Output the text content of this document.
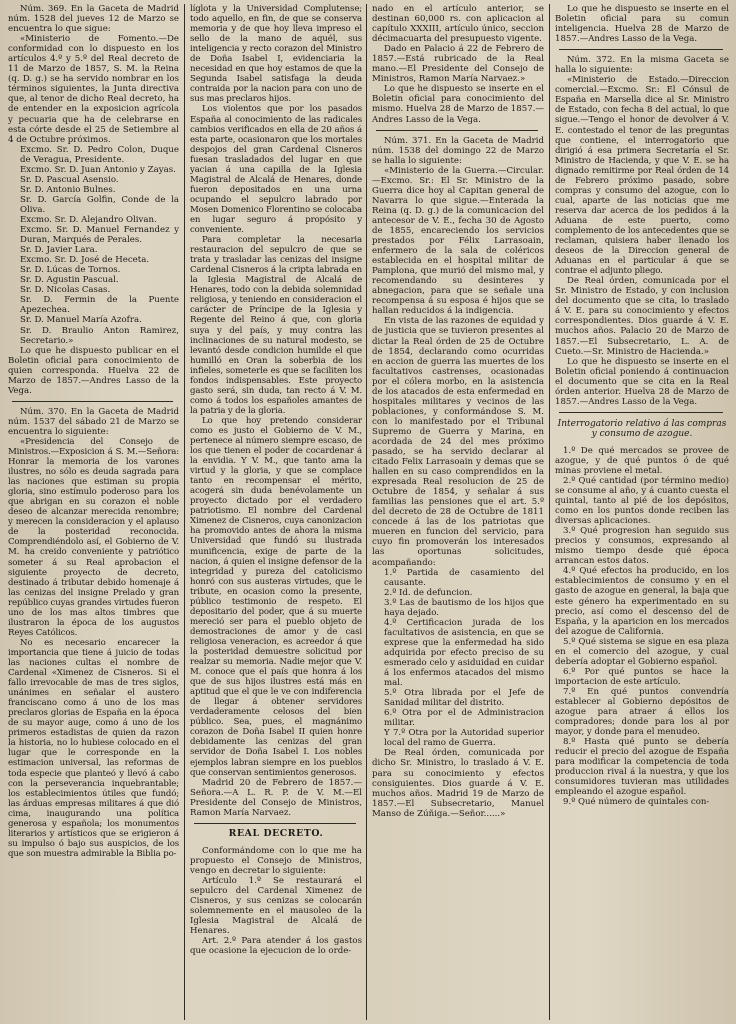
Núm. 369. En la Gaceta de Madrid núm. 1528 del jueves 12 de Marzo se encuentra lo que sigue:

«Ministerio de Fomento.—De conformidad con lo dispuesto en los artículos 4.º y 5.º del Real decreto de 11 de Marzo de 1857, S. M. la Reina (q. D. g.) se ha servido nombrar en los términos siguientes, la Junta directiva que, al tenor de dicho Real decreto, ha de entender en la exposicion agrícola y pecuaria que ha de celebrarse en esta córte desde el 25 de Setiembre al 4 de Octubre próximos.

Excmo. Sr. D. Pedro Colon, Duque de Veragua, Presidente.

Excmo. Sr. D. Juan Antonio y Zayas.

Sr. D. Pascual Asensio.

Sr. D. Antonio Bulnes.

Sr. D. García Golfin, Conde de la Oliva.

Excmo. Sr. D. Alejandro Olivan.

Excmo. Sr. D. Manuel Fernandez y Duran, Marqués de Perales.

Sr. D. Javier Lara.

Excmo. Sr. D. José de Heceta.

Sr. D. Lúcas de Tornos.

Sr. D. Agustin Pascual.

Sr. D. Nicolas Casas.

Sr. D. Fermin de la Puente Apezechea.

Sr. D. Manuel María Azofra.

Sr. D. Braulio Anton Ramirez, Secretario.»

Lo que he dispuesto publicar en el Boletin oficial para conocimiento de quien corresponda. Huelva 22 de Marzo de 1857.—Andres Lasso de la Vega.

Núm. 370. En la Gaceta de Madrid núm. 1537 del sábado 21 de Marzo se encuentra lo siguiente:

«Presidencia del Consejo de Ministros.—Exposicion á S. M.—Señora: Honrar la memoria de los varones ilustres, no sólo es deuda sagrada para las naciones que estiman su propia gloria, sino estímulo poderoso para los que abrigan en su corazon el noble deseo de alcanzar merecida renombre; y merecen la consideracion y el aplauso de la posteridad reconocida. Comprendiéndolo así, el Gobierno de V. M. ha creido conveniente y patriótico someter á su Real aprobacion el siguiente proyecto de decreto, destinado á tributar debido homenaje á las cenizas del insigne Prelado y gran repúblico cuyas grandes virtudes fueron uno de los mas altos timbres que ilustraron la época de los augustos Reyes Católicos.

No es necesario encarecer la importancia que tiene á juicio de todas las naciones cultas el nombre de Cardenal «Ximenez de Cisneros. Si el fallo irrevocable de mas de tres siglos, unánimes en señalar el austero franciscano como á uno de los mas preclaros glorias de España en la época de su mayor auge, como á uno de los primeros estadistas de quien da razon la historia, no lo hubiese colocado en el lugar que le corresponde en la estimacion universal, las reformas de toda especie que planteó y llevó á cabo con la perseverancia inquebrantable; los establecimientos útiles que fundó; las árduas empresas militares á que dió cima, inaugurando una política generosa y española; los monumentos literarios y artísticos que se erigieron á su impulso ó bajo sus auspicios, de los que son muestra admirable la Biblia po-

líglota y la Universidad Complutense; todo aquello, en fin, de que se conserva memoria y de que hoy lleva impreso el sello de la mano de aquél, sus inteligencia y recto corazon del Ministro de Doña Isabel I, evidenciaria la necesidad en que hoy estamos de que la Segunda Isabel satisfaga la deuda contraida por la nacion para con uno de sus mas preclaros hijos.

Los violentos que por los pasados España al conocimiento de las radicales cambios verificados en ella de 20 años á esta parte, ocasionaron que los mortales despojos del gran Cardenal Cisneros fuesan trasladados del lugar en que yacian á una capilla de la Iglesia Magistral de Alcalá de Henares, donde fueron depositados en una urna ocupando el sepulcro labrado por Mosen Domenico Florentino se colocaba en lugar seguro á propósito y conveniente.

Para completar la necesaria restauracion del sepulcro de que se trata y trasladar las cenizas del insigne Cardenal Cisneros á la cripta labrada en la Iglesia Magistral de Alcalá de Henares, todo con la debida solemnidad religiosa, y teniendo en consideracion el carácter de Príncipe de la Iglesia y Regente del Reino á que, con gloria suya y del país, y muy contra las inclinaciones de su natural modesto, se levantó desde condicion humilde el que humilló en Oran la soberbia de los infieles, someterle es que se faciliten los fondos indispensables. Este proyecto gasto será, sin duda, tan recto á V. M. como á todos los españoles amantes de la patria y de la gloria.

Lo que hoy pretendo considerar como es justo el Gobierno de V. M., pertenece al número siempre escaso, de los que tienen el poder de cocardenar á la envidia. Y V. M., que tanto ama la virtud y la gloria, y que se complace tanto en recompensar el mérito, acogerá sin duda benévolamente un proyecto dictado por el verdadero patriotismo. El nombre del Cardenal Ximenez de Cisneros, cuya canonizacion ha promovido antes de ahora la misma Universidad que fundó su ilustrada munificencia, exige de parte de la nacion, á quien el insigne defensor de la integridad y pureza del catolicismo honró con sus austeras virtudes, que le tribute, en ocasion como la presente, público testimonio de respeto. El depositario del poder, que á su muerte mereció ser para el pueblo objeto de demostraciones de amor y de casi religiosa veneracion, es acreedor á que la posteridad demuestre solicitud por realzar su memoria. Nadie mejor que V. M. conoce que el país que honra á los que de sus hijos ilustres está más en aptitud que el que le ve con indiferencia de llegar á obtener servidores verdaderamente celosos del bien público. Sea, pues, el magnánimo corazon de Doña Isabel II quien honre debidamente las cenizas del gran servidor de Doña Isabel I. Los nobles ejemplos labran siempre en los pueblos que conservan sentimientos generosos.

Madrid 20 de Febrero de 1857.—Señora.—A L. R. P. de V. M.—El Presidente del Consejo de Ministros, Ramon María Narvaez.

REAL DECRETO.

Conformándome con lo que me ha propuesto el Consejo de Ministros, vengo en decretar lo siguiente:

Artículo 1.º Se restaurará el sepulcro del Cardenal Ximenez de Cisneros, y sus cenizas se colocarán solemnemente en el mausoleo de la Iglesia Magistral de Alcalá de Henares.

Art. 2.º Para atender á los gastos que ocasione la ejecucion de lo orde-

nado en el artículo anterior, se destinan 60,000 rs. con aplicacion al capítulo XXXIII, artículo único, seccion décimacuarta del presupuesto vigente.

Dado en Palacio á 22 de Febrero de 1857.—Está rubricado de la Real mano.—El Presidente del Consejo de Ministros, Ramon María Narvaez.»

Lo que he dispuesto se inserte en el Boletin oficial para conocimiento del mismo. Huelva 28 de Marzo de 1857.—Andres Lasso de la Vega.

Núm. 371. En la Gaceta de Madrid núm. 1538 del domingo 22 de Marzo se halla lo siguiente:

«Ministerio de la Guerra.—Circular.—Excmo. Sr.: El Sr. Ministro de la Guerra dice hoy al Capitan general de Navarra lo que sigue.—Enterada la Reina (q. D. g.) de la comunicacion del antecesor de V. E., fecha 30 de Agosto de 1855, encareciendo los servicios prestados por Félix Larrasoain, enfermero de la sala de coléricos establecida en el hospital militar de Pamplona, que murió del mismo mal, y recomendando su desinteres y abnegacion, para que se señale una recompensa á su esposa é hijos que se hallan reducidos á la indigencia.

En vista de las razones de equidad y de justicia que se tuvieron presentes al dictar la Real órden de 25 de Octubre de 1854, declarando como ocurridas en accion de guerra las muertes de los facultativos castrenses, ocasionadas por el cólera morbo, en la asistencia de los atacados de esta enfermedad en hospitales militares y vecinos de las poblaciones, y conformándose S. M. con lo manifestado por el Tribunal Supremo de Guerra y Marina, en acordada de 24 del mes próximo pasado, se ha servido declarar al citado Felix Larrasoain y demas que se hallen en su caso comprendidos en la expresada Real resolucion de 25 de Octubre de 1854, y señalar á sus familias las pensiones que el art. 5.º del decreto de 28 de Octubre de 1811 concede á las de los patriotas que mueren en funcion del servicio, para cuyo fin promoverán los interesados las oportunas solicitudes, acompañando:

1.º Partida de casamiento del causante.

2.º Id. de defuncion.

3.º Las de bautismo de los hijos que haya dejado.

4.º Certificacion jurada de los facultativos de asistencia, en que se exprese que la enfermedad ha sido adquirida por efecto preciso de su esmerado celo y asiduidad en cuidar á los enfermos atacados del mismo mal.

5.º Otra librada por el Jefe de Sanidad militar del distrito.

6.º Otra por el de Administracion militar.

Y 7.º Otra por la Autoridad superior local del ramo de Guerra.

De Real órden, comunicada por dicho Sr. Ministro, lo traslado á V. E. para su conocimiento y efectos consiguientes. Dios guarde á V. E. muchos años. Madrid 19 de Marzo de 1857.—El Subsecretario, Manuel Manso de Zúñiga.—Señor......»

Lo que he dispuesto se inserte en el Boletin oficial para su comun inteligencia. Huelva 28 de Marzo de 1857.—Andres Lasso de la Vega.

Núm. 372. En la misma Gaceta se halla lo siguiente:

«Ministerio de Estado.—Direccion comercial.—Excmo. Sr.: El Cónsul de España en Marsella dice al Sr. Ministro de Estado, con fecha 8 del actual, lo que sigue.—Tengo el honor de devolver á V. E. contestado el tenor de las preguntas que contiene, el interrogatorio que dirigió á esa primera Secretaría el Sr. Ministro de Hacienda, y que V. E. se ha dignado remitirme por Real órden de 14 de Febrero próximo pasado, sobre compras y consumo del azogue, con lo cual, aparte de las noticias que me reserva dar acerca de los pedidos á la Aduana de este puerto, como complemento de los antecedentes que se reclaman, quisiera haber llenado los deseos de la Direccion general de Aduanas en el particular á que se contrae el adjunto pliego.

De Real órden, comunicada por el Sr. Ministro de Estado, y con inclusion del documento que se cita, lo traslado á V. E. para su conocimiento y efectos correspondientes. Dios guarde á V. E. muchos años. Palacio 20 de Marzo de 1857.—El Subsecretario, L. A. de Cueto.—Sr. Ministro de Hacienda.»

Lo que he dispuesto se inserte en el Boletin oficial poniendo á continuacion el documento que se cita en la Real órden anterior. Huelva 28 de Marzo de 1857.—Andres Lasso de la Vega.

Interrogatorio relativo á las compras y consumo de azogue.

1.º De qué mercados se provee de azogue, y de qué puntos ó de qué minas proviene el metal.

2.º Qué cantidad (por término medio) se consume al año, y á cuanto cuesta el quintal, tanto al pié de los depósitos, como en los puntos donde reciben las diversas aplicaciones.

3.º Qué progresion han seguido sus precios y consumos, expresando al mismo tiempo desde qué época arrancan estos datos.

4.º Qué efectos ha producido, en los establecimientos de consumo y en el gasto de azogue en general, la baja que este género ha experimentado en su precio, así como el descenso del de España, y la aparicion en los mercados del azogue de California.

5.º Qué sistema se sigue en esa plaza en el comercio del azogue, y cual debería adoptar el Gobierno español.

6.º Por qué puntos se hace la importacion de este artículo.

7.º En qué puntos convendría establecer al Gobierno depósitos de azogue para atraer á ellos los compradores; donde para los al por mayor, y donde para el menudeo.

8.º Hasta qué punto se debería reducir el precio del azogue de España para modificar la competencia de toda produccion rival á la nuestra, y que los consumidores tuvieran mas utilidades empleando el azogue español.

9.º Qué número de quintales con-
